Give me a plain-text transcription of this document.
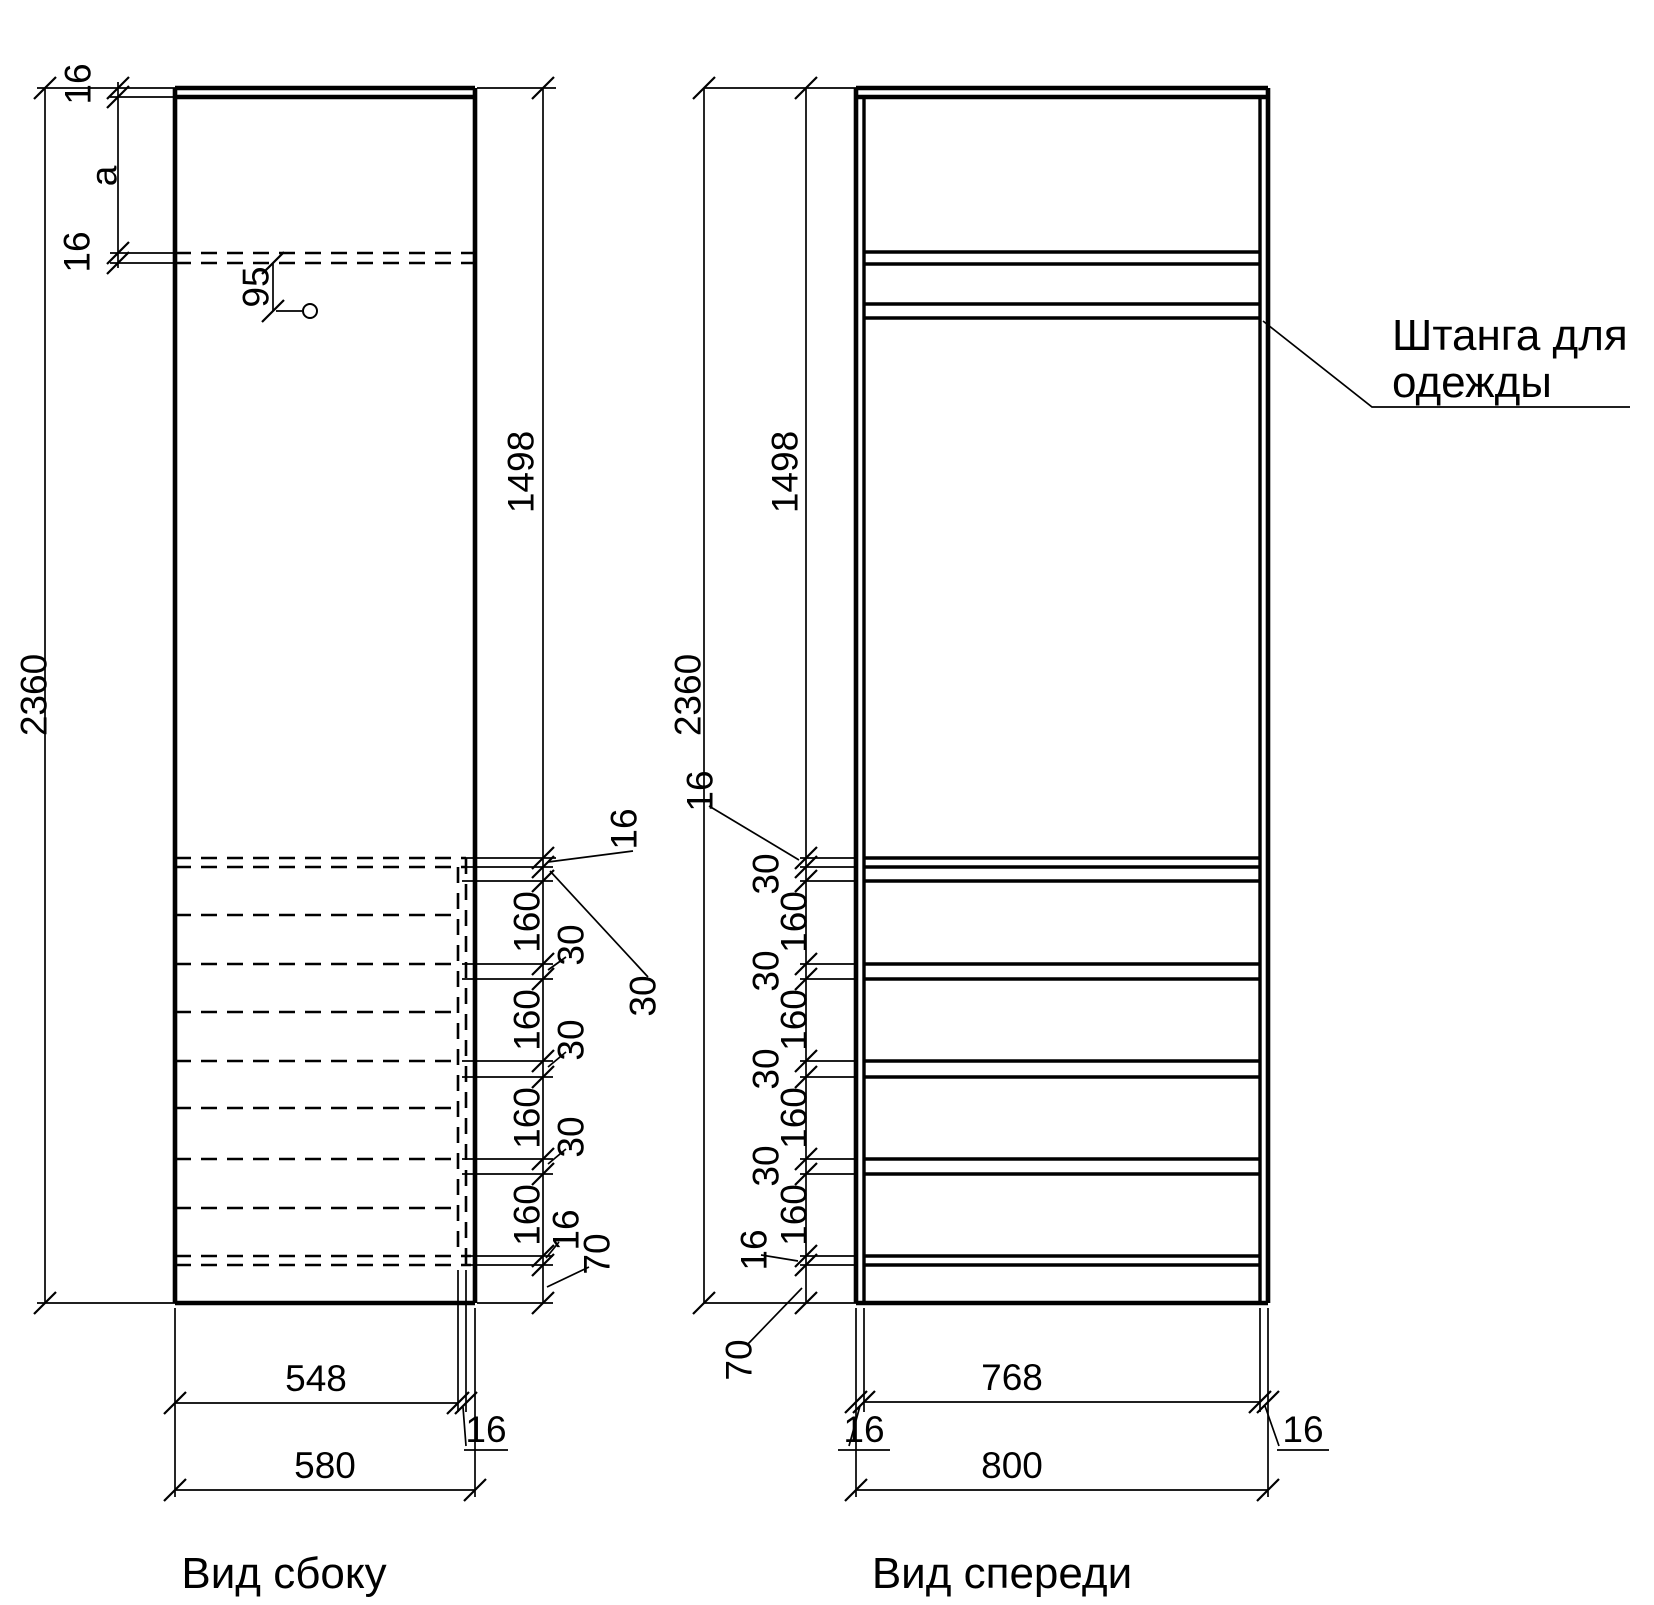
2360
16
a
16
95
1498
16
30
160 30
160 30
160 30
160
16
70
548
16
580
Вид сбоку
2360
1498
16
30
160
30
160
30
160
30
160
16
70	768
16	16
800
Вид спереди
Штанга для
одежды
